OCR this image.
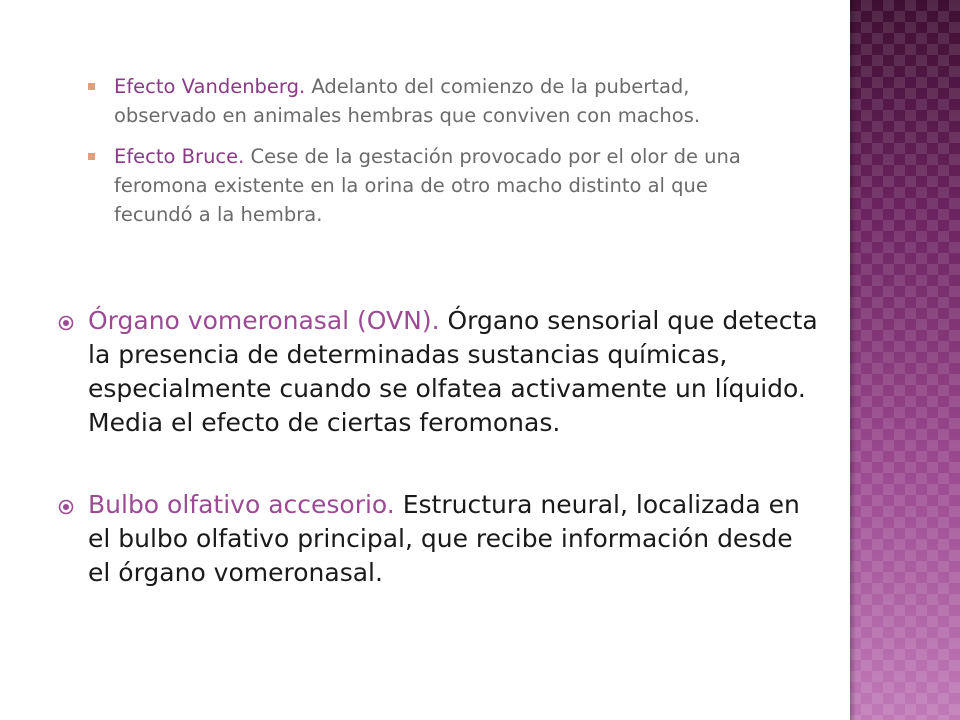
Efecto Vandenberg. Adelanto del comienzo de la pubertad, observado en animales hembras que conviven con machos.
Efecto Bruce. Cese de la gestación provocado por el olor de una feromona existente en la orina de otro macho distinto al que fecundó a la hembra.
Órgano vomeronasal (OVN). Órgano sensorial que detecta la presencia de determinadas sustancias químicas, especialmente cuando se olfatea activamente un líquido. Media el efecto de ciertas feromonas.
Bulbo olfativo accesorio. Estructura neural, localizada en el bulbo olfativo principal, que recibe información desde el órgano vomeronasal.
